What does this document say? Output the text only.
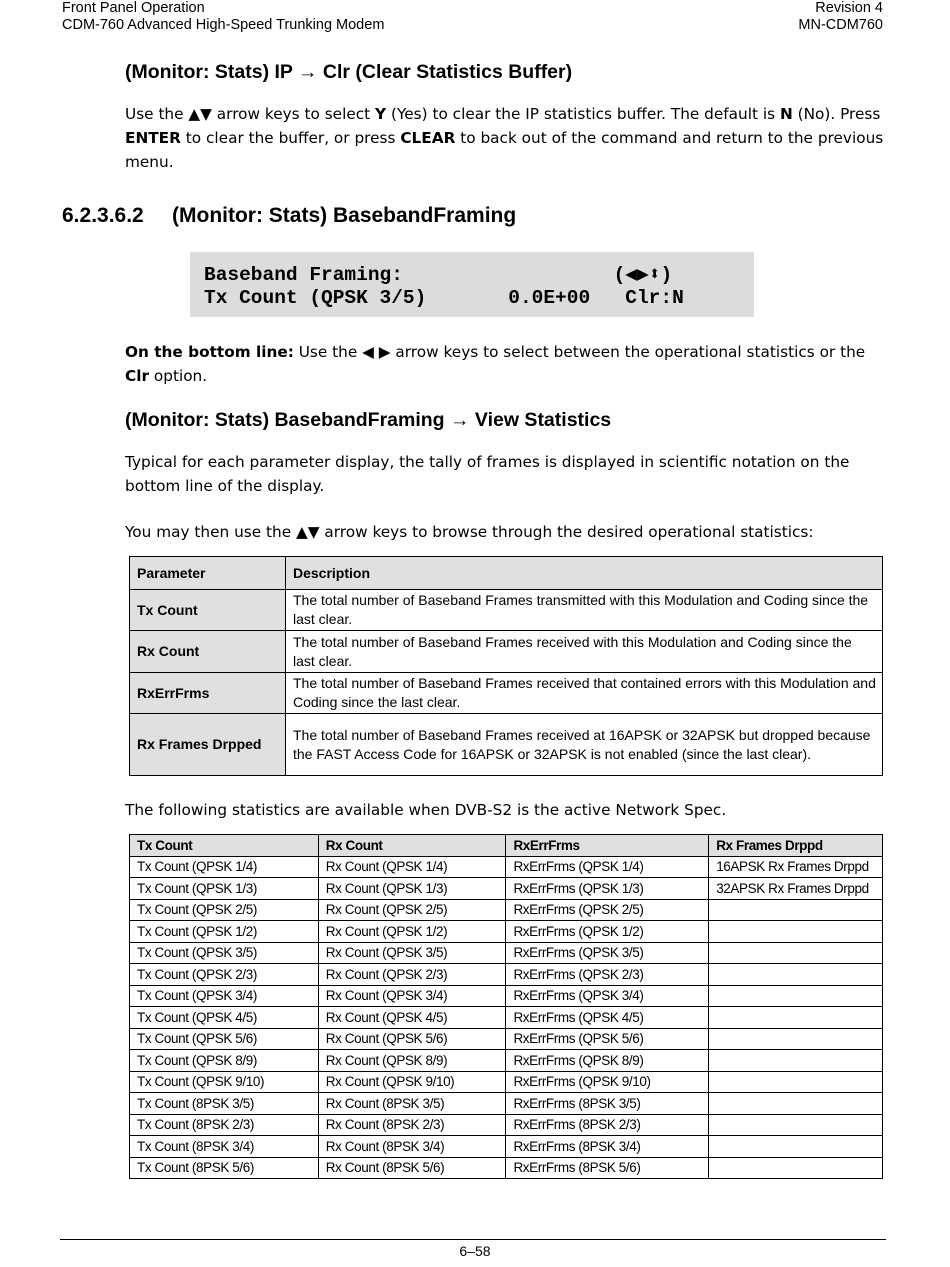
Front Panel Operation
CDM-760 Advanced High-Speed Trunking Modem
Revision 4
MN-CDM760
(Monitor: Stats) IP → Clr (Clear Statistics Buffer)
Use the ▲▼ arrow keys to select Y (Yes) to clear the IP statistics buffer. The default is N (No). Press ENTER to clear the buffer, or press CLEAR to back out of the command and return to the previous menu.
6.2.3.6.2 (Monitor: Stats) BasebandFraming
Baseband Framing:                  (◀▶⬍)
Tx Count (QPSK 3/5)       0.0E+00   Clr:N
On the bottom line: Use the ◀ ▶ arrow keys to select between the operational statistics or the Clr option.
(Monitor: Stats) BasebandFraming → View Statistics
Typical for each parameter display, the tally of frames is displayed in scientific notation on the bottom line of the display.
You may then use the ▲▼ arrow keys to browse through the desired operational statistics:
Parameter	Description
Tx Count	The total number of Baseband Frames transmitted with this Modulation and Coding since the last clear.
Rx Count	The total number of Baseband Frames received with this Modulation and Coding since the last clear.
RxErrFrms	The total number of Baseband Frames received that contained errors with this Modulation and Coding since the last clear.
Rx Frames Drpped	The total number of Baseband Frames received at 16APSK or 32APSK but dropped because the FAST Access Code for 16APSK or 32APSK is not enabled (since the last clear).
The following statistics are available when DVB-S2 is the active Network Spec.
Tx Count	Rx Count	RxErrFrms	Rx Frames Drppd
Tx Count (QPSK 1/4)	Rx Count (QPSK 1/4)	RxErrFrms (QPSK 1/4)	16APSK Rx Frames Drppd
Tx Count (QPSK 1/3)	Rx Count (QPSK 1/3)	RxErrFrms (QPSK 1/3)	32APSK Rx Frames Drppd
Tx Count (QPSK 2/5)	Rx Count (QPSK 2/5)	RxErrFrms (QPSK 2/5)	
Tx Count (QPSK 1/2)	Rx Count (QPSK 1/2)	RxErrFrms (QPSK 1/2)	
Tx Count (QPSK 3/5)	Rx Count (QPSK 3/5)	RxErrFrms (QPSK 3/5)	
Tx Count (QPSK 2/3)	Rx Count (QPSK 2/3)	RxErrFrms (QPSK 2/3)	
Tx Count (QPSK 3/4)	Rx Count (QPSK 3/4)	RxErrFrms (QPSK 3/4)	
Tx Count (QPSK 4/5)	Rx Count (QPSK 4/5)	RxErrFrms (QPSK 4/5)	
Tx Count (QPSK 5/6)	Rx Count (QPSK 5/6)	RxErrFrms (QPSK 5/6)	
Tx Count (QPSK 8/9)	Rx Count (QPSK 8/9)	RxErrFrms (QPSK 8/9)	
Tx Count (QPSK 9/10)	Rx Count (QPSK 9/10)	RxErrFrms (QPSK 9/10)	
Tx Count (8PSK 3/5)	Rx Count (8PSK 3/5)	RxErrFrms (8PSK 3/5)	
Tx Count (8PSK 2/3)	Rx Count (8PSK 2/3)	RxErrFrms (8PSK 2/3)	
Tx Count (8PSK 3/4)	Rx Count (8PSK 3/4)	RxErrFrms (8PSK 3/4)	
Tx Count (8PSK 5/6)	Rx Count (8PSK 5/6)	RxErrFrms (8PSK 5/6)	
6–58
